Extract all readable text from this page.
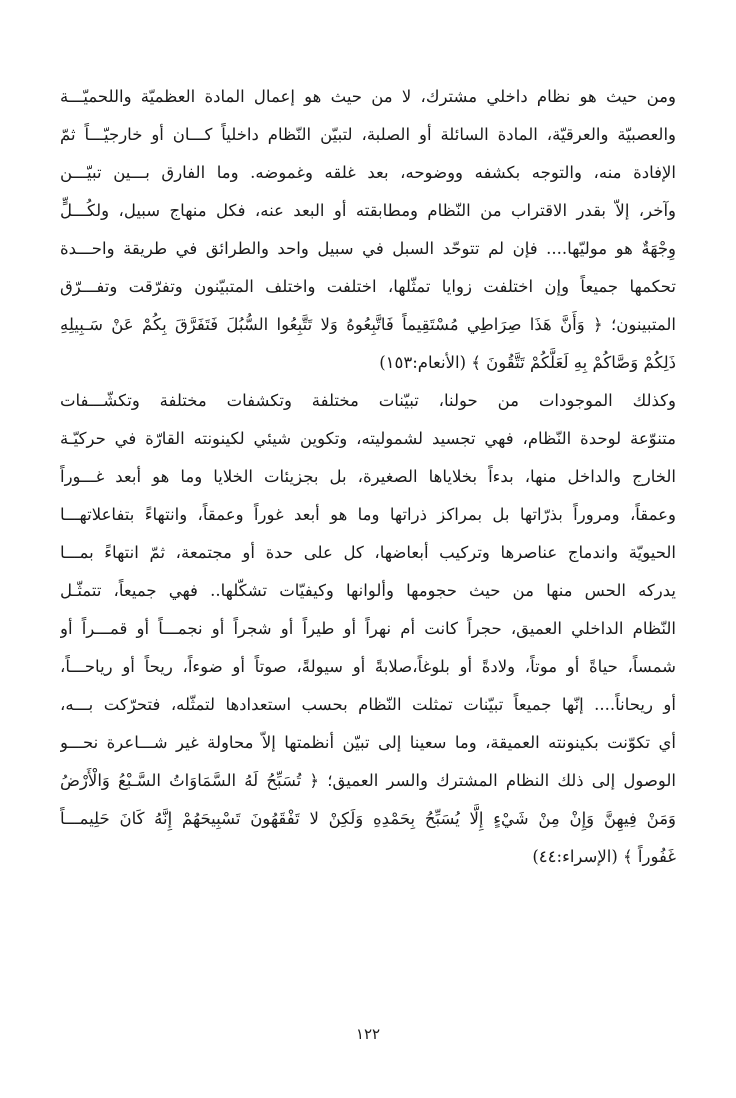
ومن حيث هو نظام داخلي مشترك، لا من حيث هو إعمال المادة العظميّة واللحميّـــة
والعصبيّة والعرقيّة، المادة السائلة أو الصلبة، لتبيّن النّظام داخلياً كـــان أو خارجيّـــاً ثمّ
الإفادة منه، والتوجه بكشفه ووضوحه، بعد غلقه وغموضه. وما الفارق بـــين تبيّـــن
وآخر، إلاّ بقدر الاقتراب من النّظام ومطابقته أو البعد عنه، فكل منهاج سبيل، ولكُـــلٍّ
وِجْهَةٌ هو موليّها.... فإن لم تتوحّد السبل في سبيل واحد والطرائق في طريقة واحـــدة
تحكمها جميعاً وإن اختلفت زوايا تمثّلها، اختلفت واختلف المتبيّنون وتفرّقت وتفـــرّق
المتبينون؛ ﴿ وَأَنَّ هَذَا صِرَاطِي مُسْتَقِيماً فَاتَّبِعُوهُ وَلا تَتَّبِعُوا السُّبُلَ فَتَفَرَّقَ بِكُمْ عَنْ سَـبِيلِهِ
ذَلِكُمْ وَصَّاكُمْ بِهِ لَعَلَّكُمْ تَتَّقُونَ ﴾ (الأنعام:١٥٣)
وكذلك الموجودات من حولنا، تبيّنات مختلفة وتكشفات مختلفة وتكشّـــفات
متنوّعة لوحدة النّظام، فهي تجسيد لشموليته، وتكوين شيئي لكينونته القارّة في حركيّـة
الخارج والداخل منها، بدءاً بخلاياها الصغيرة، بل بجزيئات الخلايا وما هو أبعد غـــوراً
وعمقاً، ومروراً بذرّاتها بل بمراكز ذراتها وما هو أبعد غوراً وعمقاً، وانتهاءً بتفاعلاتهـــا
الحيويّة واندماج عناصرها وتركيب أبعاضها، كل على حدة أو مجتمعة، ثمّ انتهاءً بمـــا
يدركه الحس منها من حيث حجومها وألوانها وكيفيّات تشكّلها.. فهي جميعاً، تتمثّـل
النّظام الداخلي العميق، حجراً كانت أم نهراً أو طيراً أو شجراً أو نجمـــاً أو قمـــراً أو
شمساً، حياةً أو موتاً، ولادةً أو بلوغاً،صلابةً أو سيولةً، صوتاً أو ضوءاً، ريحاً أو رياحـــاً،
أو ريحاناً.... إنّها جميعاً تبيّنات تمثلت النّظام بحسب استعدادها لتمثّله، فتحرّكت بـــه،
أي تكوّنت بكينونته العميقة، وما سعينا إلى تبيّن أنظمتها إلاّ محاولة غير شـــاعرة نحـــو
الوصول إلى ذلك النظام المشترك والسر العميق؛ ﴿ تُسَبِّحُ لَهُ السَّمَاوَاتُ السَّـبْعُ وَالْأَرْضُ
وَمَنْ فِيهِنَّ وَإِنْ مِنْ شَيْءٍ إِلَّا يُسَبِّحُ بِحَمْدِهِ وَلَكِنْ لا تَفْقَهُونَ تَسْبِيحَهُمْ إِنَّهُ كَانَ حَلِيمـــاً
غَفُوراً ﴾ (الإسراء:٤٤)
١٢٢
